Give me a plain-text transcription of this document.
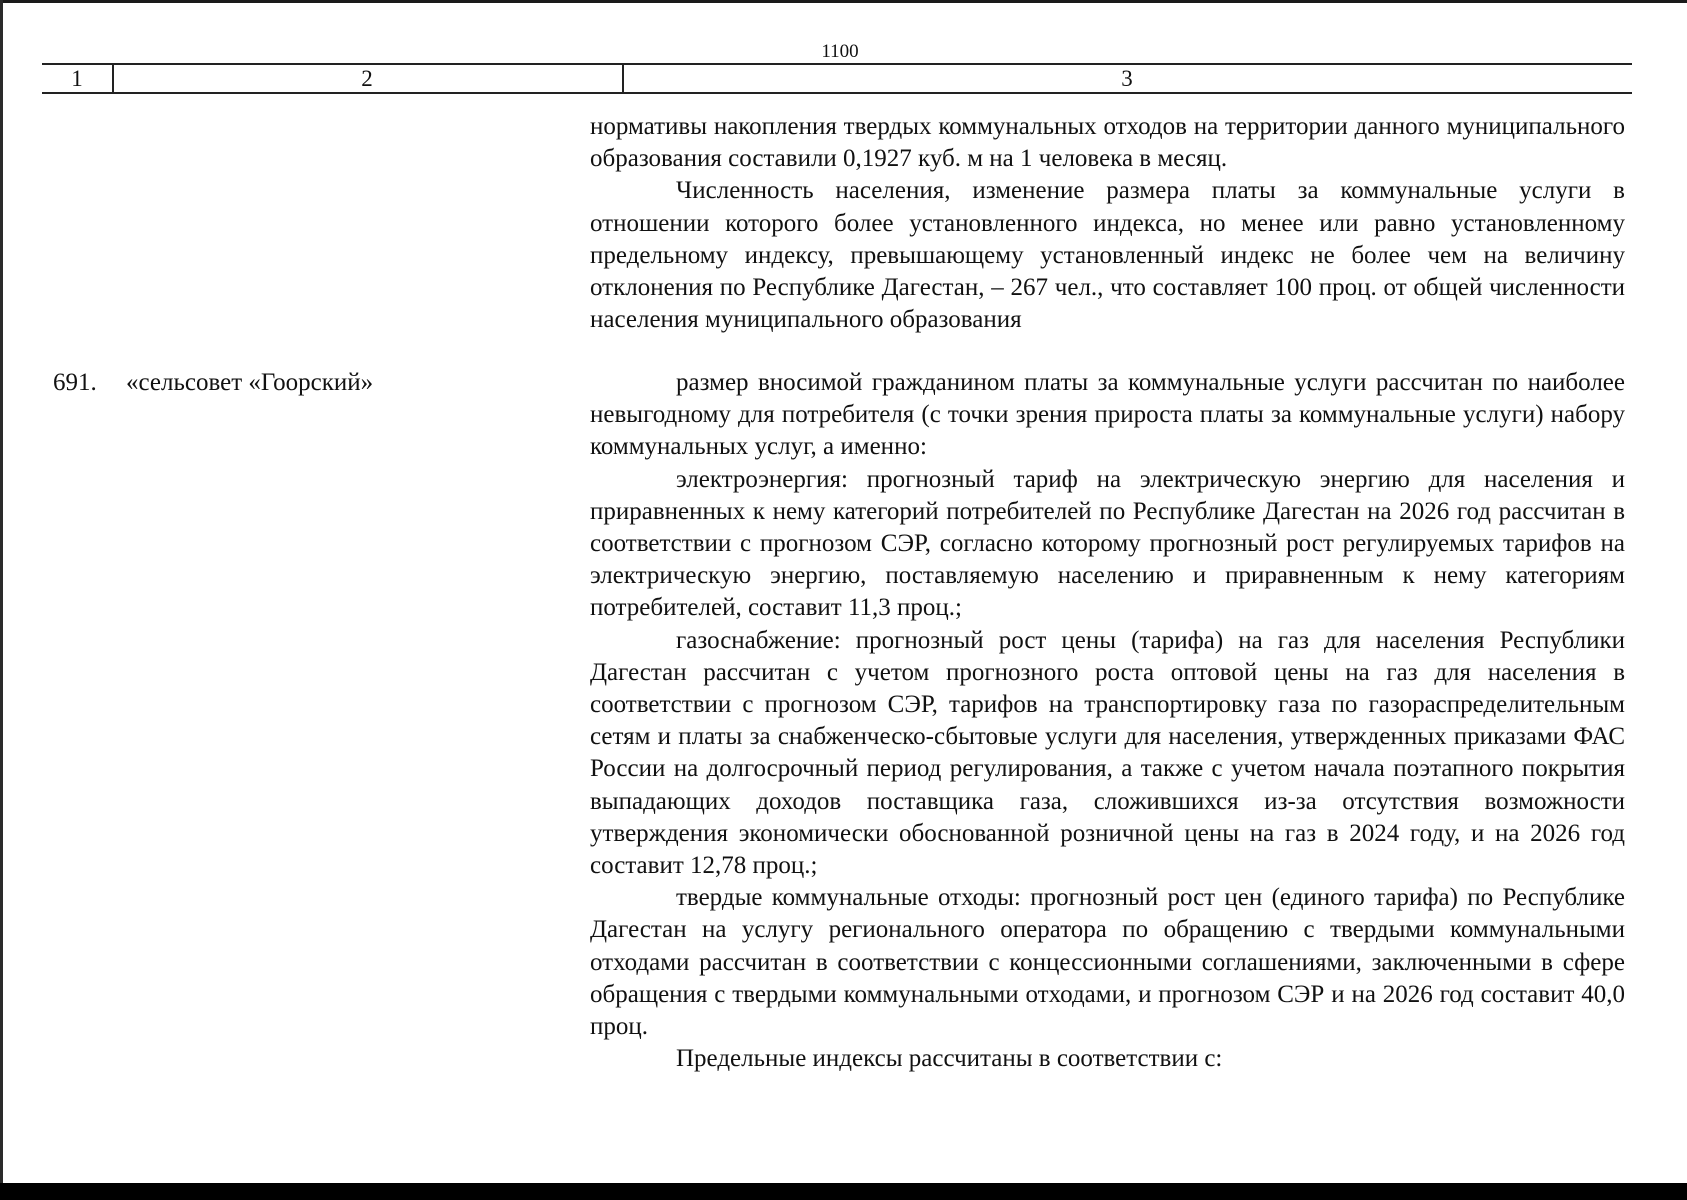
1100
1	2	3

нормативы накопления твердых коммунальных отходов на территории данного муниципального образования составили 0,1927 куб. м на 1 человека в месяц.

Численность населения, изменение размера платы за коммунальные услуги в отношении которого более установленного индекса, но менее или равно установленному предельному индексу, превышающему установленный индекс не более чем на величину отклонения по Республике Дагестан, – 267 чел., что составляет 100 проц. от общей численности населения муниципального образования

691. «сельсовет «Гоорский»	размер вносимой гражданином платы за коммунальные услуги рассчитан по наиболее невыгодному для потребителя (с точки зрения прироста платы за коммунальные услуги) набору коммунальных услуг, а именно:

электроэнергия: прогнозный тариф на электрическую энергию для населения и приравненных к нему категорий потребителей по Республике Дагестан на 2026 год рассчитан в соответствии с прогнозом СЭР, согласно которому прогнозный рост регулируемых тарифов на электрическую энергию, поставляемую населению и приравненным к нему категориям потребителей, составит 11,3 проц.;

газоснабжение: прогнозный рост цены (тарифа) на газ для населения Республики Дагестан рассчитан с учетом прогнозного роста оптовой цены на газ для населения в соответствии с прогнозом СЭР, тарифов на транспортировку газа по газораспределительным сетям и платы за снабженческо-сбытовые услуги для населения, утвержденных приказами ФАС России на долгосрочный период регулирования, а также с учетом начала поэтапного покрытия выпадающих доходов поставщика газа, сложившихся из-за отсутствия возможности утверждения экономически обоснованной розничной цены на газ в 2024 году, и на 2026 год составит 12,78 проц.;

твердые коммунальные отходы: прогнозный рост цен (единого тарифа) по Республике Дагестан на услугу регионального оператора по обращению с твердыми коммунальными отходами рассчитан в соответствии с концессионными соглашениями, заключенными в сфере обращения с твердыми коммунальными отходами, и прогнозом СЭР и на 2026 год составит 40,0 проц.

Предельные индексы рассчитаны в соответствии с:
